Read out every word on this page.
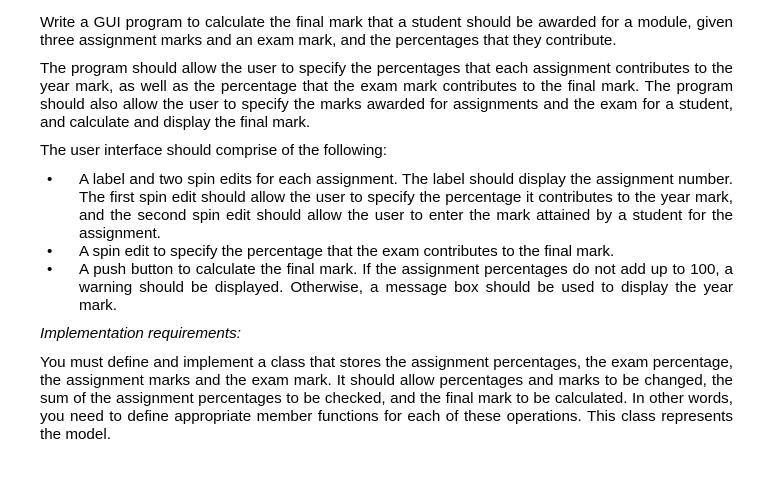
Write a GUI program to calculate the final mark that a student should be awarded for a module, given three assignment marks and an exam mark, and the percentages that they contribute.

The program should allow the user to specify the percentages that each assignment contributes to the year mark, as well as the percentage that the exam mark contributes to the final mark. The program should also allow the user to specify the marks awarded for assignments and the exam for a student, and calculate and display the final mark.

The user interface should comprise of the following:

• A label and two spin edits for each assignment. The label should display the assignment number. The first spin edit should allow the user to specify the percentage it contributes to the year mark, and the second spin edit should allow the user to enter the mark attained by a student for the assignment.
• A spin edit to specify the percentage that the exam contributes to the final mark.
• A push button to calculate the final mark. If the assignment percentages do not add up to 100, a warning should be displayed. Otherwise, a message box should be used to display the year mark.

Implementation requirements:

You must define and implement a class that stores the assignment percentages, the exam percentage, the assignment marks and the exam mark. It should allow percentages and marks to be changed, the sum of the assignment percentages to be checked, and the final mark to be calculated. In other words, you need to define appropriate member functions for each of these operations. This class represents the model.
